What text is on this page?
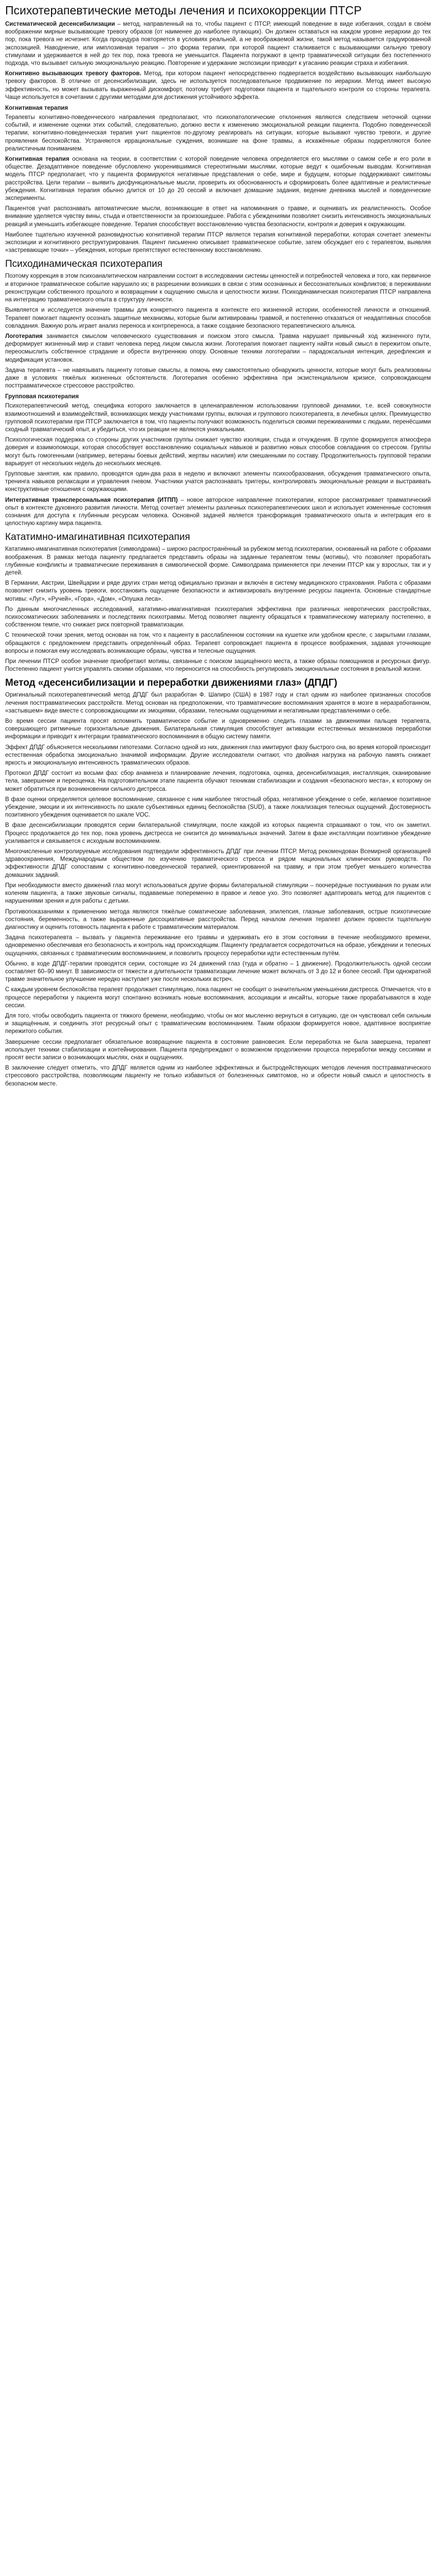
Психотерапевтические методы лечения и психокоррекции ПТСР

Систематической десенсибилизации – метод, направленный на то, чтобы пациент с ПТСР, имеющий поведение в виде избегания, создал в своём воображении мирные вызывающие тревогу образов (от наименее до наиболее пугающих). Он должен оставаться на каждом уровне иерархии до тех пор, пока тревога не исчезнет. Когда процедура повторяется в условиях реальной, а не воображаемой жизни, такой метод называется градуированной экспозицией. Наводнение, или имплозивная терапия – это форма терапии, при которой пациент сталкивается с вызывающими сильную тревогу стимулами и удерживается в ней до тех пор, пока тревога не уменьшится. Пациента погружают в центр травматической ситуации без постепенного подхода, что вызывает сильную эмоциональную реакцию. Повторение и удержание экспозиции приводит к угасанию реакции страха и избегания.

Когнитивно вызывающих тревогу факторов. Метод, при котором пациент непосредственно подвергается воздействию вызывающих наибольшую тревогу факторов. В отличие от десенсибилизации, здесь не используется последовательное продвижение по иерархии. Метод имеет высокую эффективность, но может вызывать выраженный дискомфорт, поэтому требует подготовки пациента и тщательного контроля со стороны терапевта. Чаще используется в сочетании с другими методами для достижения устойчивого эффекта.

Когнитивная терапия

Терапевты когнитивно-поведенческого направления предполагают, что психопатологические отклонения являются следствием неточной оценки событий, и изменение оценки этих событий, следовательно, должно вести к изменению эмоциональной реакции пациента. Подобно поведенческой терапии, когнитивно-поведенческая терапия учит пациентов по-другому реагировать на ситуации, которые вызывают чувство тревоги, и другие проявления беспокойства. Устраняются иррациональные суждения, возникшие на фоне травмы, а искажённые образы подкрепляются более реалистичным пониманием.

Когнитивная терапия основана на теории, в соответствии с которой поведение человека определяется его мыслями о самом себе и его роли в обществе. Дезадаптивное поведение обусловлено укоренившимися стереотипными мыслями, которые ведут к ошибочным выводам. Когнитивная модель ПТСР предполагает, что у пациента формируются негативные представления о себе, мире и будущем, которые поддерживают симптомы расстройства. Цели терапии – выявить дисфункциональные мысли, проверить их обоснованность и сформировать более адаптивные и реалистичные убеждения. Когнитивная терапия обычно длится от 10 до 20 сессий и включает домашние задания, ведение дневника мыслей и поведенческие эксперименты.

Пациентов учат распознавать автоматические мысли, возникающие в ответ на напоминания о травме, и оценивать их реалистичность. Особое внимание уделяется чувству вины, стыда и ответственности за произошедшее. Работа с убеждениями позволяет снизить интенсивность эмоциональных реакций и уменьшить избегающее поведение. Терапия способствует восстановлению чувства безопасности, контроля и доверия к окружающим.

Наиболее тщательно изученной разновидностью когнитивной терапии ПТСР является терапия когнитивной переработки, которая сочетает элементы экспозиции и когнитивного реструктурирования. Пациент письменно описывает травматическое событие, затем обсуждает его с терапевтом, выявляя «застревающие точки» – убеждения, которые препятствуют естественному восстановлению.

Психодинамическая психотерапия

Поэтому коррекция в этом психоаналитическом направлении состоит в исследовании системы ценностей и потребностей человека и того, как первичное и вторичное травматическое событие нарушило их; в разрешении возникших в связи с этим осознанных и бессознательных конфликтов; в переживании реконструкции собственного прошлого и возвращении к ощущению смысла и целостности жизни. Психодинамическая психотерапия ПТСР направлена на интеграцию травматического опыта в структуру личности.

Выявляется и исследуется значение травмы для конкретного пациента в контексте его жизненной истории, особенностей личности и отношений. Терапевт помогает пациенту осознать защитные механизмы, которые были активированы травмой, и постепенно отказаться от неадаптивных способов совладания. Важную роль играет анализ переноса и контрпереноса, а также создание безопасного терапевтического альянса.

Логотерапия занимается смыслом человеческого существования и поиском этого смысла. Травма нарушает привычный ход жизненного пути, деформирует жизненный мир и ставит человека перед лицом смысла жизни. Логотерапия помогает пациенту найти новый смысл в пережитом опыте, переосмыслить собственное страдание и обрести внутреннюю опору. Основные техники логотерапии – парадоксальная интенция, дерефлексия и модификация установок.

Задача терапевта – не навязывать пациенту готовые смыслы, а помочь ему самостоятельно обнаружить ценности, которые могут быть реализованы даже в условиях тяжёлых жизненных обстоятельств. Логотерапия особенно эффективна при экзистенциальном кризисе, сопровождающем посттравматическое стрессовое расстройство.

Групповая психотерапия

Психотерапевтический метод, специфика которого заключается в целенаправленном использовании групповой динамики, т.е. всей совокупности взаимоотношений и взаимодействий, возникающих между участниками группы, включая и группового психотерапевта, в лечебных целях. Преимущество групповой психотерапии при ПТСР заключается в том, что пациенты получают возможность поделиться своими переживаниями с людьми, перенёсшими сходный травматический опыт, и убедиться, что их реакции не являются уникальными.

Психологическая поддержка со стороны других участников группы снижает чувство изоляции, стыда и отчуждения. В группе формируется атмосфера доверия и взаимопомощи, которая способствует восстановлению социальных навыков и развитию новых способов совладания со стрессом. Группы могут быть гомогенными (например, ветераны боевых действий, жертвы насилия) или смешанными по составу. Продолжительность групповой терапии варьирует от нескольких недель до нескольких месяцев.

Групповые занятия, как правило, проводятся один-два раза в неделю и включают элементы психообразования, обсуждения травматического опыта, тренинга навыков релаксации и управления гневом. Участники учатся распознавать триггеры, контролировать эмоциональные реакции и выстраивать конструктивные отношения с окружающими.

Интегративная трансперсональная психотерапия (ИТПП) – новое авторское направление психотерапии, которое рассматривает травматический опыт в контексте духовного развития личности. Метод сочетает элементы различных психотерапевтических школ и использует измененные состояния сознания для доступа к глубинным ресурсам человека. Основной задачей является трансформация травматического опыта и интеграция его в целостную картину мира пациента.

Кататимно-имагинативная психотерапия

Кататимно-имагинативная психотерапия (символдрама) – широко распространённый за рубежом метод психотерапии, основанный на работе с образами воображения. В рамках метода пациенту предлагается представить образы на заданные терапевтом темы (мотивы), что позволяет проработать глубинные конфликты и травматические переживания в символической форме. Символдрама применяется при лечении ПТСР как у взрослых, так и у детей.

В Германии, Австрии, Швейцарии и ряде других стран метод официально признан и включён в систему медицинского страхования. Работа с образами позволяет снизить уровень тревоги, восстановить ощущение безопасности и активизировать внутренние ресурсы пациента. Основные стандартные мотивы: «Луг», «Ручей», «Гора», «Дом», «Опушка леса».

По данным многочисленных исследований, кататимно-имагинативная психотерапия эффективна при различных невротических расстройствах, психосоматических заболеваниях и последствиях психотравмы. Метод позволяет пациенту обращаться к травматическому материалу постепенно, в собственном темпе, что снижает риск повторной травматизации.

С технической точки зрения, метод основан на том, что к пациенту в расслабленном состоянии на кушетке или удобном кресле, с закрытыми глазами, обращаются с предложением представить определённый образ. Терапевт сопровождает пациента в процессе воображения, задавая уточняющие вопросы и помогая ему исследовать возникающие образы, чувства и телесные ощущения.

При лечении ПТСР особое значение приобретают мотивы, связанные с поиском защищённого места, а также образы помощников и ресурсных фигур. Постепенно пациент учится управлять своими образами, что переносится на способность регулировать эмоциональные состояния в реальной жизни.

Метод «десенсибилизации и переработки движениями глаз» (ДПДГ)

Оригинальный психотерапевтический метод ДПДГ был разработан Ф. Шапиро (США) в 1987 году и стал одним из наиболее признанных способов лечения посттравматических расстройств. Метод основан на предположении, что травматические воспоминания хранятся в мозге в неразработанном, «застывшем» виде вместе с сопровождающими их эмоциями, образами, телесными ощущениями и негативными представлениями о себе.

Во время сессии пациента просят вспомнить травматическое событие и одновременно следить глазами за движениями пальцев терапевта, совершающего ритмичные горизонтальные движения. Билатеральная стимуляция способствует активации естественных механизмов переработки информации и приводит к интеграции травматического воспоминания в общую систему памяти.

Эффект ДПДГ объясняется несколькими гипотезами. Согласно одной из них, движения глаз имитируют фазу быстрого сна, во время которой происходит естественная обработка эмоционально значимой информации. Другие исследователи считают, что двойная нагрузка на рабочую память снижает яркость и эмоциональную интенсивность травматических образов.

Протокол ДПДГ состоит из восьми фаз: сбор анамнеза и планирование лечения, подготовка, оценка, десенсибилизация, инсталляция, сканирование тела, завершение и переоценка. На подготовительном этапе пациента обучают техникам стабилизации и создания «безопасного места», к которому он может обратиться при возникновении сильного дистресса.

В фазе оценки определяется целевое воспоминание, связанное с ним наиболее тягостный образ, негативное убеждение о себе, желаемое позитивное убеждение, эмоции и их интенсивность по шкале субъективных единиц беспокойства (SUD), а также локализация телесных ощущений. Достоверность позитивного убеждения оценивается по шкале VOC.

В фазе десенсибилизации проводятся серии билатеральной стимуляции, после каждой из которых пациента спрашивают о том, что он заметил. Процесс продолжается до тех пор, пока уровень дистресса не снизится до минимальных значений. Затем в фазе инсталляции позитивное убеждение усиливается и связывается с исходным воспоминанием.

Многочисленные контролируемые исследования подтвердили эффективность ДПДГ при лечении ПТСР. Метод рекомендован Всемирной организацией здравоохранения, Международным обществом по изучению травматического стресса и рядом национальных клинических руководств. По эффективности ДПДГ сопоставим с когнитивно-поведенческой терапией, ориентированной на травму, и при этом требует меньшего количества домашних заданий.

При необходимости вместо движений глаз могут использоваться другие формы билатеральной стимуляции – поочерёдные постукивания по рукам или коленям пациента, а также звуковые сигналы, подаваемые попеременно в правое и левое ухо. Это позволяет адаптировать метод для пациентов с нарушениями зрения и для работы с детьми.

Противопоказаниями к применению метода являются тяжёлые соматические заболевания, эпилепсия, глазные заболевания, острые психотические состояния, беременность, а также выраженные диссоциативные расстройства. Перед началом лечения терапевт должен провести тщательную диагностику и оценить готовность пациента к работе с травматическим материалом.

Задача психотерапевта – вызвать у пациента переживание его травмы и удерживать его в этом состоянии в течение необходимого времени, одновременно обеспечивая его безопасность и контроль над происходящим. Пациенту предлагается сосредоточиться на образе, убеждении и телесных ощущениях, связанных с травматическим воспоминанием, и позволить процессу переработки идти естественным путём.

Обычно, в ходе ДПДГ-терапии проводятся серии, состоящие из 24 движений глаз (туда и обратно – 1 движение). Продолжительность одной сессии составляет 60–90 минут. В зависимости от тяжести и длительности травматизации лечение может включать от 3 до 12 и более сессий. При однократной травме значительное улучшение нередко наступает уже после нескольких встреч.

С каждым уровнем беспокойства терапевт продолжает стимуляцию, пока пациент не сообщит о значительном уменьшении дистресса. Отмечается, что в процессе переработки у пациента могут спонтанно возникать новые воспоминания, ассоциации и инсайты, которые также прорабатываются в ходе сессии.

Для того, чтобы освободить пациента от тяжкого бремени, необходимо, чтобы он мог мысленно вернуться в ситуацию, где он чувствовал себя сильным и защищённым, и соединить этот ресурсный опыт с травматическим воспоминанием. Таким образом формируется новое, адаптивное восприятие пережитого события.

Завершение сессии предполагает обязательное возвращение пациента в состояние равновесия. Если переработка не была завершена, терапевт использует техники стабилизации и контейнирования. Пациента предупреждают о возможном продолжении процесса переработки между сессиями и просят вести записи о возникающих мыслях, снах и ощущениях.

В заключение следует отметить, что ДПДГ является одним из наиболее эффективных и быстродействующих методов лечения посттравматического стрессового расстройства, позволяющим пациенту не только избавиться от болезненных симптомов, но и обрести новый смысл и целостность в безопасном месте.
